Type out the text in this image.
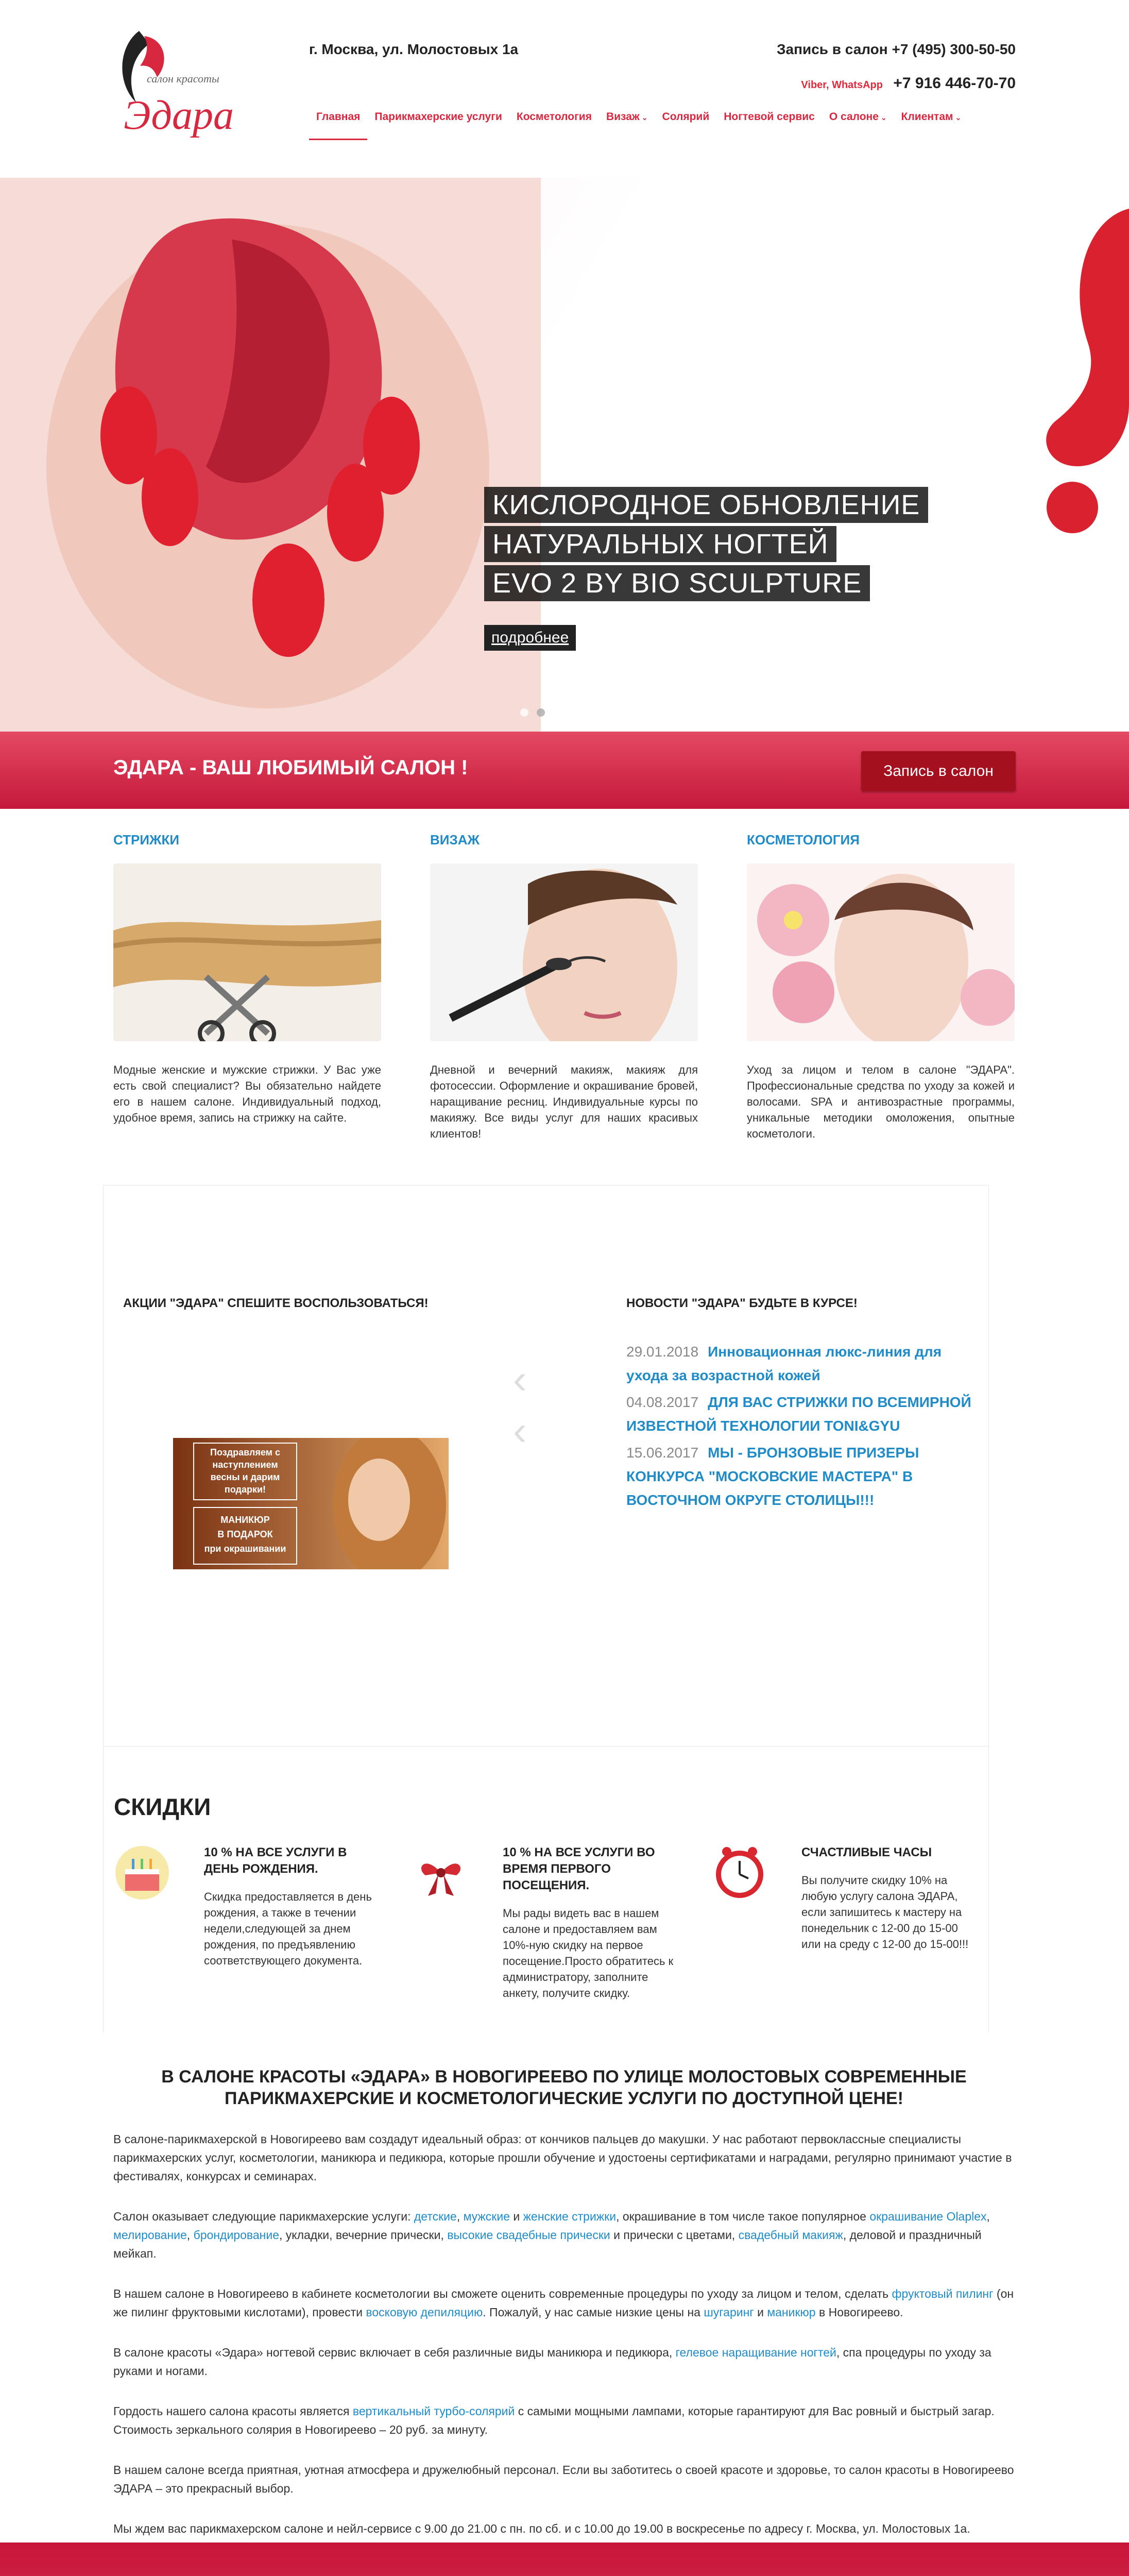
салон красоты
Эдара
г. Москва, ул. Молостовых 1а	Запись в салон +7 (495) 300-50-50
Viber, WhatsApp +7 916 446-70-70
Главная	Парикмахерские услуги	Косметология	Визаж ⌄	Солярий	Ногтевой сервис	О салоне ⌄	Клиентам ⌄
КИСЛОРОДНОЕ ОБНОВЛЕНИЕ
НАТУРАЛЬНЫХ НОГТЕЙ
EVO 2 BY BIO SCULPTURE
подробнее
ЭДАРА - ВАШ ЛЮБИМЫЙ САЛОН !	Запись в салон
СТРИЖКИ
Модные женские и мужские стрижки. У Вас уже есть свой специалист? Вы обязательно найдете его в нашем салоне. Индивидуальный подход, удобное время, запись на стрижку на сайте.
ВИЗАЖ
Дневной и вечерний макияж, макияж для фотосессии. Оформление и окрашивание бровей, наращивание ресниц. Индивидуальные курсы по макияжу. Все виды услуг для наших красивых клиентов!
КОСМЕТОЛОГИЯ
Уход за лицом и телом в салоне "ЭДАРА". Профессиональные средства по уходу за кожей и волосами. SPA и антивозрастные программы, уникальные методики омоложения, опытные косметологи.
АКЦИИ "ЭДАРА" СПЕШИТЕ ВОСПОЛЬЗОВАТЬСЯ!	НОВОСТИ "ЭДАРА" БУДЬТЕ В КУРСЕ!
‹
‹
Поздравляем с
наступлением
весны и дарим
подарки!
МАНИКЮР
В ПОДАРОК
при окрашивании
29.01.2018 Инновационная люкс-линия для ухода за возрастной кожей
04.08.2017 ДЛЯ ВАС СТРИЖКИ ПО ВСЕМИРНОЙ ИЗВЕСТНОЙ ТЕХНОЛОГИИ TONI&GYU
15.06.2017 МЫ - БРОНЗОВЫЕ ПРИЗЕРЫ КОНКУРСА "МОСКОВСКИЕ МАСТЕРА" В ВОСТОЧНОМ ОКРУГЕ СТОЛИЦЫ!!!
СКИДКИ
10 % НА ВСЕ УСЛУГИ В ДЕНЬ РОЖДЕНИЯ.
Скидка предоставляется в день рождения, а также в течении недели,следующей за днем рождения, по предъявлению соответствующего документа.
10 % НА ВСЕ УСЛУГИ ВО ВРЕМЯ ПЕРВОГО ПОСЕЩЕНИЯ.
Мы рады видеть вас в нашем салоне и предоставляем вам 10%-ную скидку на первое посещение.Просто обратитесь к администратору, заполните анкету, получите скидку.
СЧАСТЛИВЫЕ ЧАСЫ
Вы получите скидку 10% на любую услугу салона ЭДАРА, если запишитесь к мастеру на понедельник с 12-00 до 15-00 или на среду с 12-00 до 15-00!!!
В САЛОНЕ КРАСОТЫ «ЭДАРА» В НОВОГИРЕЕВО ПО УЛИЦЕ МОЛОСТОВЫХ СОВРЕМЕННЫЕ ПАРИКМАХЕРСКИЕ И КОСМЕТОЛОГИЧЕСКИЕ УСЛУГИ ПО ДОСТУПНОЙ ЦЕНЕ!

В салоне-парикмахерской в Новогиреево вам создадут идеальный образ: от кончиков пальцев до макушки. У нас работают первоклассные специалисты парикмахерских услуг, косметологии, маникюра и педикюра, которые прошли обучение и удостоены сертификатами и наградами, регулярно принимают участие в фестивалях, конкурсах и семинарах.

Салон оказывает следующие парикмахерские услуги: детские, мужские и женские стрижки, окрашивание в том числе такое популярное окрашивание Olaplex, мелирование, брондирование, укладки, вечерние прически, высокие свадебные прически и прически с цветами, свадебный макияж, деловой и праздничный мейкап.

В нашем салоне в Новогиреево в кабинете косметологии вы сможете оценить современные процедуры по уходу за лицом и телом, сделать фруктовый пилинг (он же пилинг фруктовыми кислотами), провести восковую депиляцию. Пожалуй, у нас самые низкие цены на шугаринг и маникюр в Новогиреево.

В салоне красоты «Эдара» ногтевой сервис включает в себя различные виды маникюра и педикюра, гелевое наращивание ногтей, спа процедуры по уходу за руками и ногами.

Гордость нашего салона красоты является вертикальный турбо-солярий с самыми мощными лампами, которые гарантируют для Вас ровный и быстрый загар. Стоимость зеркального солярия в Новогиреево – 20 руб. за минуту.

В нашем салоне всегда приятная, уютная атмосфера и дружелюбный персонал. Если вы заботитесь о своей красоте и здоровье, то салон красоты в Новогиреево ЭДАРА – это прекрасный выбор.

Мы ждем вас парикмахерском салоне и нейл-сервисе с 9.00 до 21.00 с пн. по сб. и с 10.00 до 19.00 в воскресенье по адресу г. Москва, ул. Молостовых 1а.
